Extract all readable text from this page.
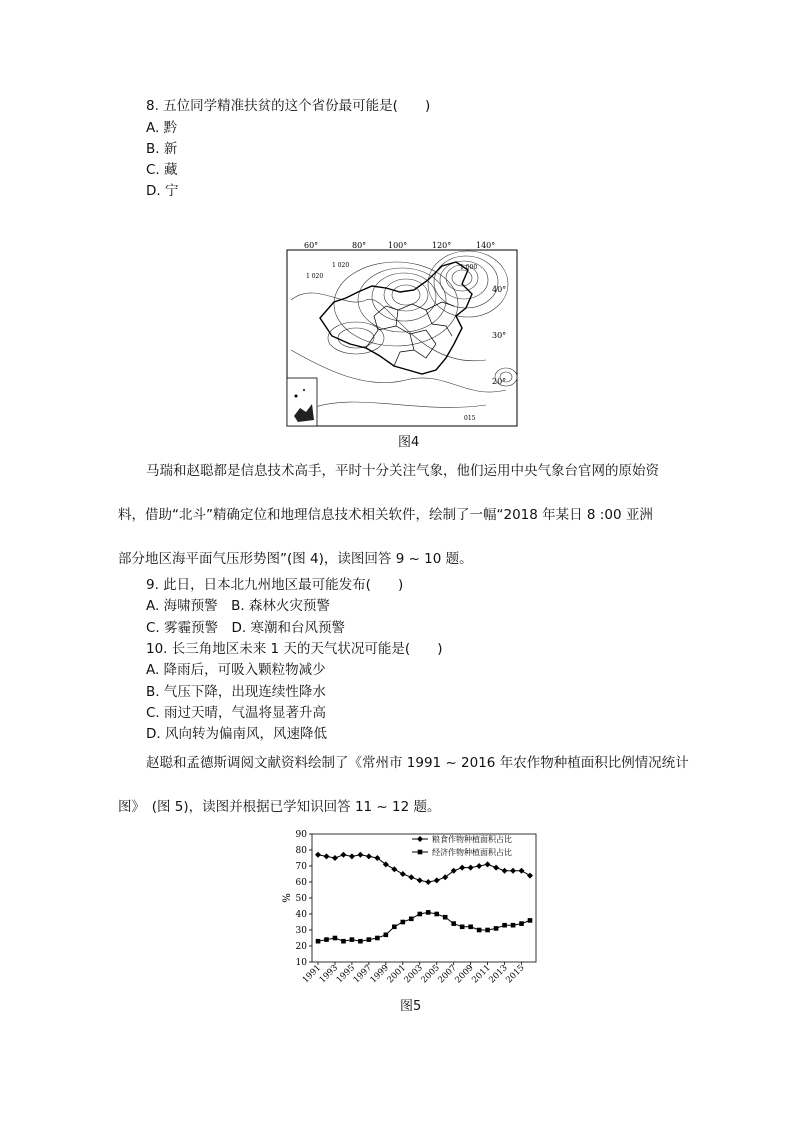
8. 五位同学精准扶贫的这个省份最可能是(　　)
A. 黔
B. 新
C. 藏
D. 宁
60°	80°	100°	120°	140°
40°
30°
20°
1 020
1 020
1 000
015
图4
马瑞和赵聪都是信息技术高手，平时十分关注气象，他们运用中央气象台官网的原始资
料，借助“北斗”精确定位和地理信息技术相关软件，绘制了一幅“2018 年某日 8 :00 亚洲
部分地区海平面气压形势图”(图 4)，读图回答 9 ~ 10 题。
9. 此日，日本北九州地区最可能发布(　　)
A. 海啸预警　B. 森林火灾预警
C. 雾霾预警　D. 寒潮和台风预警
10. 长三角地区未来 1 天的天气状况可能是(　　)
A. 降雨后，可吸入颗粒物减少
B. 气压下降，出现连续性降水
C. 雨过天晴，气温将显著升高
D. 风向转为偏南风，风速降低
赵聪和孟德斯调阅文献资料绘制了《常州市 1991 ~ 2016 年农作物种植面积比例情况统计
图》　(图 5)，读图并根据已学知识回答 11 ~ 12 题。
90
80
70
60
50
40
30
20
10
%
1991
1993
1995
1997
1999
2001
2003
2005
2007
2009
2011
2013
2015
粮食作物种植面积占比
经济作物种植面积占比
图5
